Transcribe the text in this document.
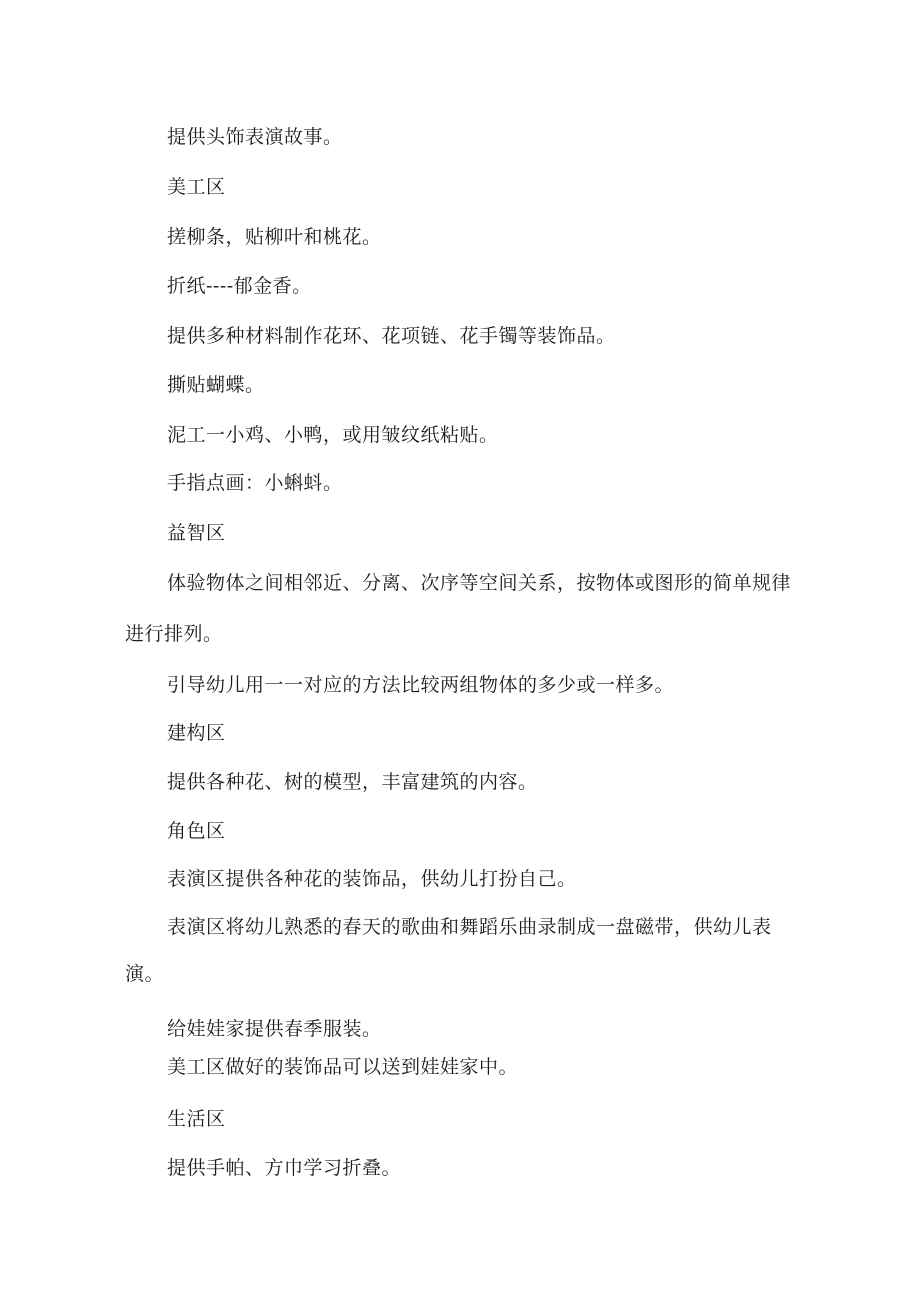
提供头饰表演故事。
美工区
搓柳条，贴柳叶和桃花。
折纸----郁金香。
提供多种材料制作花环、花项链、花手镯等装饰品。
撕贴蝴蝶。
泥工一小鸡、小鸭，或用皱纹纸粘贴。
手指点画：小蝌蚪。
益智区
体验物体之间相邻近、分离、次序等空间关系，按物体或图形的简单规律
进行排列。
引导幼儿用一一对应的方法比较两组物体的多少或一样多。
建构区
提供各种花、树的模型，丰富建筑的内容。
角色区
表演区提供各种花的装饰品，供幼儿打扮自己。
表演区将幼儿熟悉的春天的歌曲和舞蹈乐曲录制成一盘磁带，供幼儿表
演。
给娃娃家提供春季服装。
美工区做好的装饰品可以送到娃娃家中。
生活区
提供手帕、方巾学习折叠。
